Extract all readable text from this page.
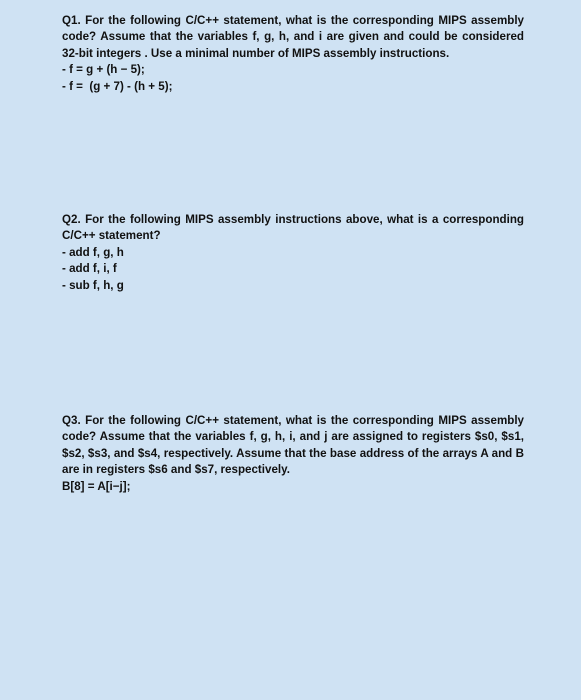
Q1. For the following C/C++ statement, what is the corresponding MIPS assembly code? Assume that the variables f, g, h, and i are given and could be considered 32-bit integers . Use a minimal number of MIPS assembly instructions.

- f = g + (h − 5);
- f =  (g + 7) - (h + 5);

Q2. For the following MIPS assembly instructions above, what is a corresponding C/C++ statement?

- add f, g, h
- add f, i, f
- sub f, h, g

Q3. For the following C/C++ statement, what is the corresponding MIPS assembly code? Assume that the variables f, g, h, i, and j are assigned to registers $s0, $s1, $s2, $s3, and $s4, respectively. Assume that the base address of the arrays A and B are in registers $s6 and $s7, respectively.

B[8] = A[i−j];
